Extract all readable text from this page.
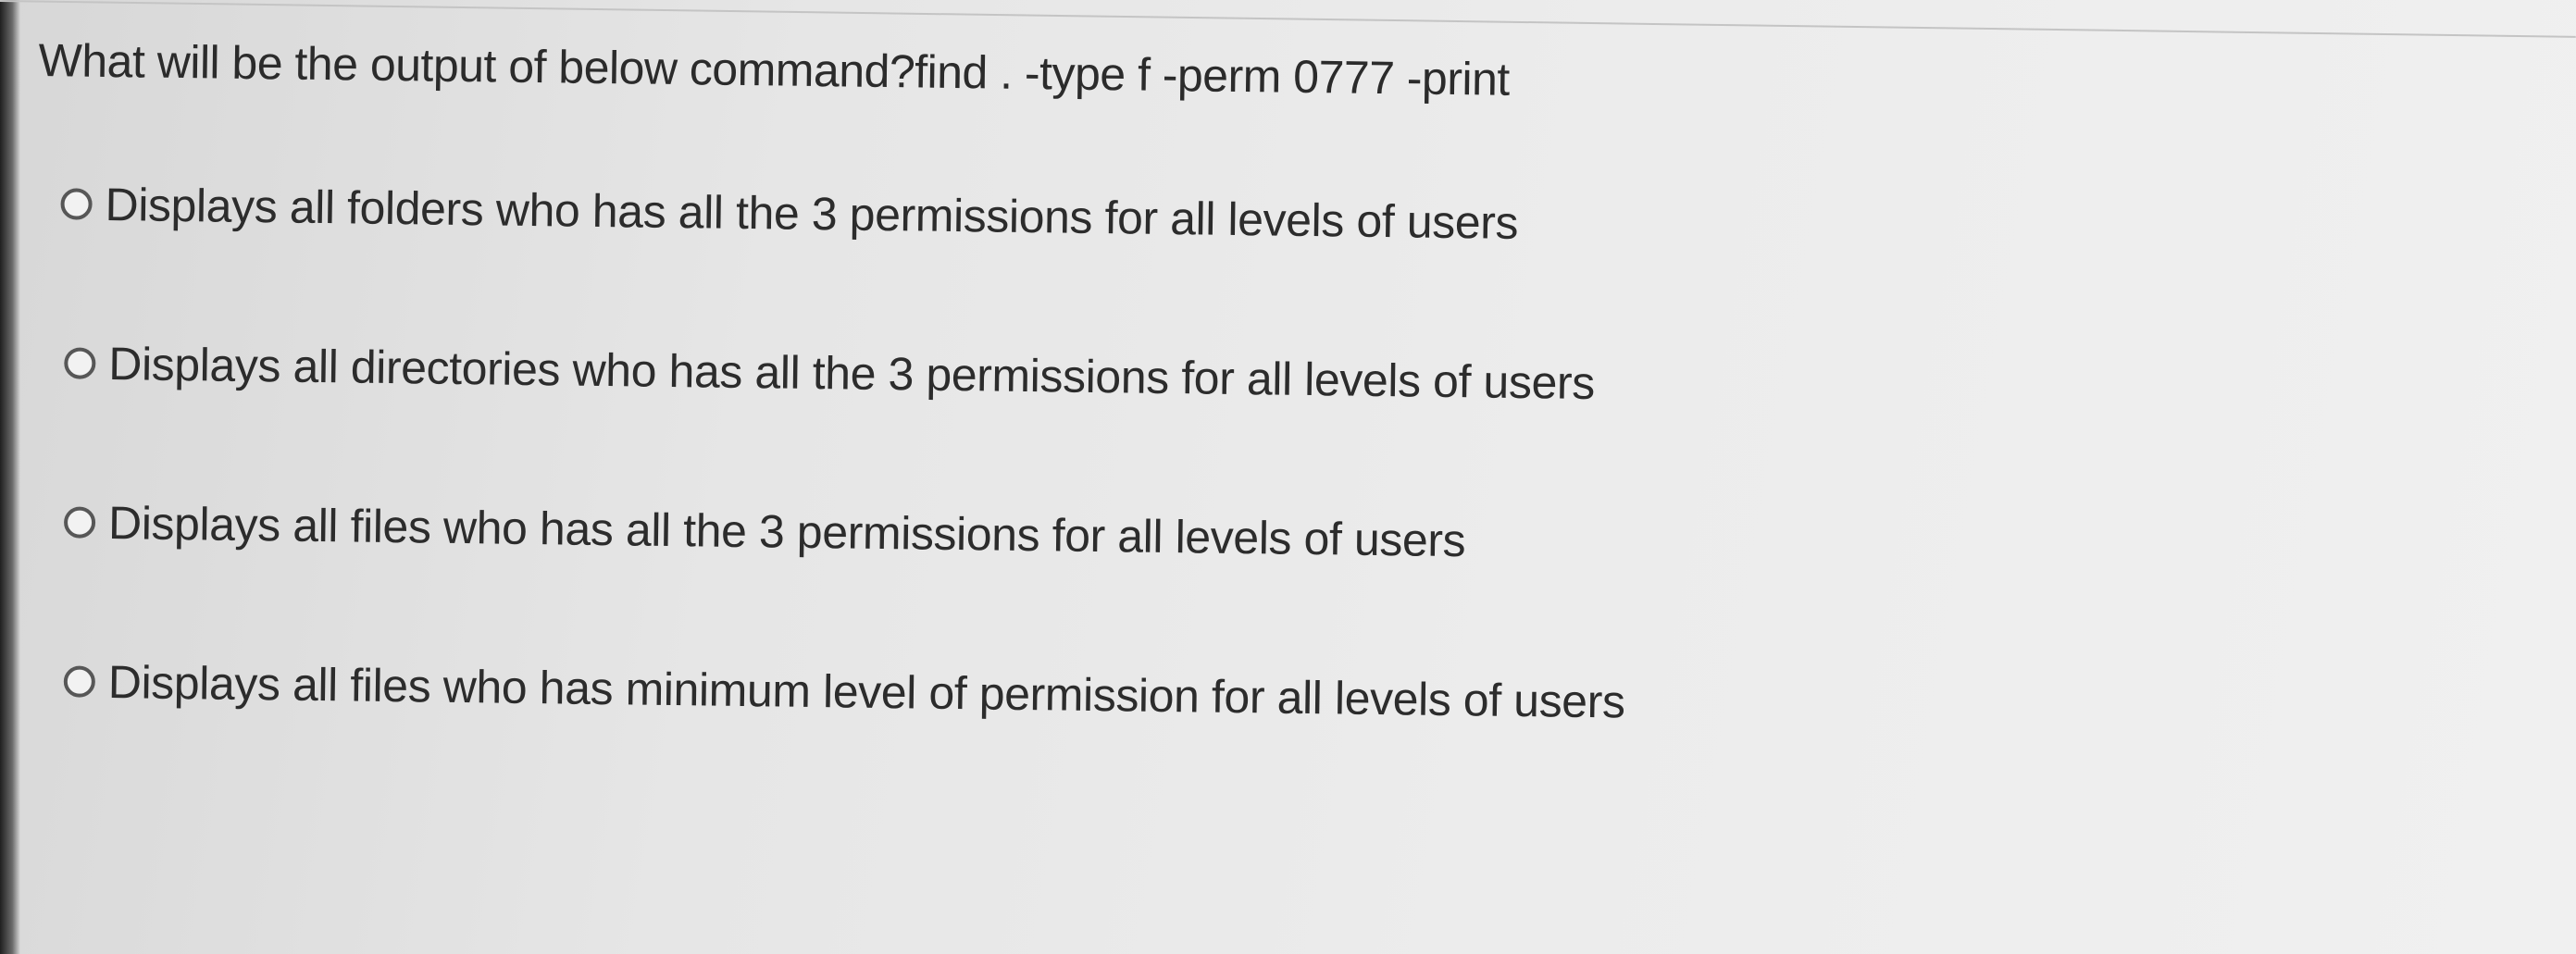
What will be the output of below command?find . -type f -perm 0777 -print
Displays all folders who has all the 3 permissions for all levels of users
Displays all directories who has all the 3 permissions for all levels of users
Displays all files who has all the 3 permissions for all levels of users
Displays all files who has minimum level of permission for all levels of users
